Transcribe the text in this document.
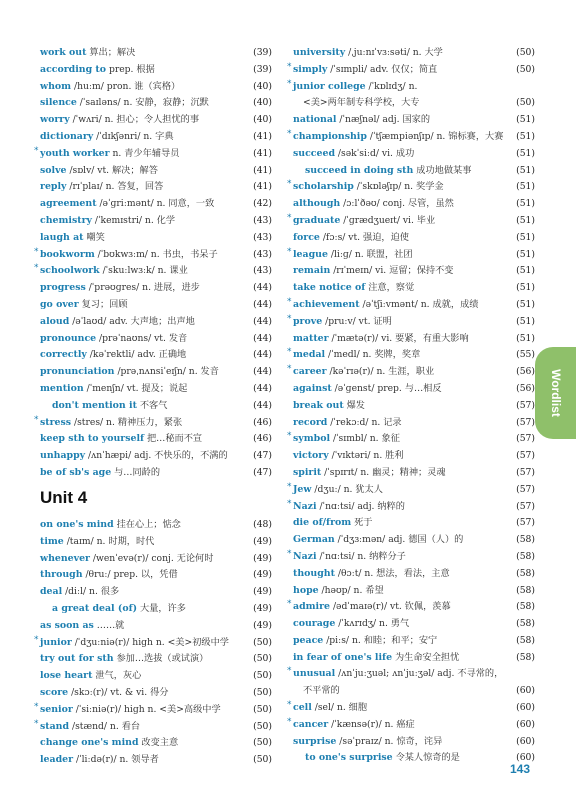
work out 算出；解决	(39)
according to prep. 根据	(39)
whom /huːm/ pron. 谁（宾格）	(40)
silence /ˈsaɪləns/ n. 安静，寂静；沉默	(40)
worry /ˈwʌri/ n. 担心；令人担忧的事	(40)
dictionary /ˈdɪkʃənri/ n. 字典	(41)
* youth worker n. 青少年辅导员	(41)
solve /sɒlv/ vt. 解决；解答	(41)
reply /rɪˈplaɪ/ n. 答复，回答	(41)
agreement /əˈɡriːmənt/ n. 同意，一致	(42)
chemistry /ˈkemɪstri/ n. 化学	(43)
laugh at 嘲笑	(43)
* bookworm /ˈbʊkwɜːm/ n. 书虫，书呆子	(43)
* schoolwork /ˈskuːlwɜːk/ n. 课业	(43)
progress /ˈprəʊɡres/ n. 进展，进步	(44)
go over 复习；回顾	(44)
aloud /əˈlaʊd/ adv. 大声地；出声地	(44)
pronounce /prəˈnaʊns/ vt. 发音	(44)
correctly /kəˈrektli/ adv. 正确地	(44)
pronunciation /prəˌnʌnsiˈeɪʃn/ n. 发音	(44)
mention /ˈmenʃn/ vt. 提及；说起	(44)
don't mention it 不客气	(44)
* stress /stres/ n. 精神压力，紧张	(46)
keep sth to yourself 把…秘而不宣	(46)
unhappy /ʌnˈhæpi/ adj. 不快乐的，不满的	(47)
be of sb's age 与…同龄的	(47)
Unit 4
on one's mind 挂在心上；惦念	(48)
time /taɪm/ n. 时期，时代	(49)
whenever /wenˈevə(r)/ conj. 无论何时	(49)
through /θruː/ prep. 以，凭借	(49)
deal /diːl/ n. 很多	(49)
a great deal (of) 大量，许多	(49)
as soon as ……就	(49)
* junior /ˈdʒuːniə(r)/ high n. <美>初级中学	(50)
try out for sth 参加…选拔（或试演）	(50)
lose heart 泄气，灰心	(50)
score /skɔː(r)/ vt. & vi. 得分	(50)
* senior /ˈsiːniə(r)/ high n. <美>高级中学	(50)
* stand /stænd/ n. 看台	(50)
change one's mind 改变主意	(50)
leader /ˈliːdə(r)/ n. 领导者	(50)
university /ˌjuːnɪˈvɜːsəti/ n. 大学	(50)
* simply /ˈsɪmpli/ adv. 仅仅；简直	(50)
* junior college /ˈkɒlɪdʒ/ n.
<美>两年制专科学校，大专	(50)
national /ˈnæʃnəl/ adj. 国家的	(51)
* championship /ˈtʃæmpiənʃɪp/ n. 锦标赛，大赛 (51)
succeed /səkˈsiːd/ vi. 成功	(51)
succeed in doing sth 成功地做某事	(51)
* scholarship /ˈskɒləʃɪp/ n. 奖学金	(51)
although /ɔːlˈðəʊ/ conj. 尽管，虽然	(51)
* graduate /ˈɡrædʒueɪt/ vi. 毕业	(51)
force /fɔːs/ vt. 强迫，迫使	(51)
* league /liːɡ/ n. 联盟，社团	(51)
remain /rɪˈmeɪn/ vi. 逗留；保持不变	(51)
take notice of 注意，察觉	(51)
* achievement /əˈtʃiːvmənt/ n. 成就，成绩	(51)
* prove /pruːv/ vt. 证明	(51)
matter /ˈmætə(r)/ vi. 要紧，有重大影响	(51)
* medal /ˈmedl/ n. 奖牌，奖章	(55)
* career /kəˈrɪə(r)/ n. 生涯，职业	(56)
against /əˈɡenst/ prep. 与…相反	(56)
break out 爆发	(57)
record /ˈrekɔːd/ n. 记录	(57)
* symbol /ˈsɪmbl/ n. 象征	(57)
victory /ˈvɪktəri/ n. 胜利	(57)
spirit /ˈspɪrɪt/ n. 幽灵；精神；灵魂	(57)
* Jew /dʒuː/ n. 犹太人	(57)
* Nazi /ˈnɑːtsi/ adj. 纳粹的	(57)
die of/from 死于	(57)
German /ˈdʒɜːmən/ adj. 德国（人）的	(58)
* Nazi /ˈnɑːtsi/ n. 纳粹分子	(58)
thought /θɔːt/ n. 想法，看法，主意	(58)
hope /həʊp/ n. 希望	(58)
* admire /ədˈmaɪə(r)/ vt. 钦佩，羡慕	(58)
courage /ˈkʌrɪdʒ/ n. 勇气	(58)
peace /piːs/ n. 和睦；和平；安宁	(58)
in fear of one's life 为生命安全担忧	(58)
* unusual /ʌnˈjuːʒuəl; ʌnˈjuːʒəl/ adj. 不寻常的，
不平常的	(60)
* cell /sel/ n. 细胞	(60)
* cancer /ˈkænsə(r)/ n. 癌症	(60)
surprise /səˈpraɪz/ n. 惊奇，诧异	(60)
to one's surprise 令某人惊奇的是	(60)
Wordlist
143
